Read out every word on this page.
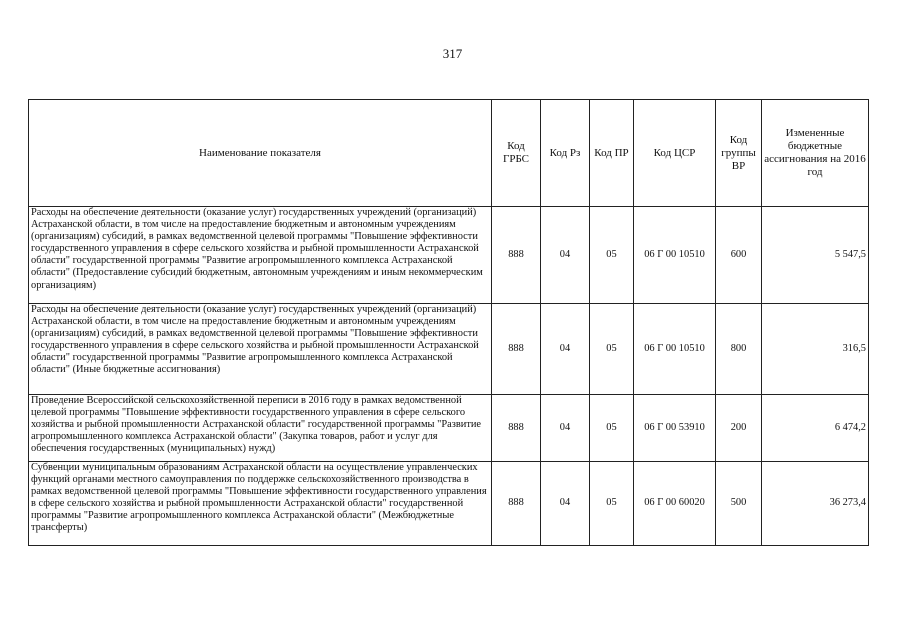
317
Наименование показателя	Код ГРБС	Код Рз	Код ПР	Код ЦСР	Код группы ВР	Измененные бюджетные ассигнования на 2016 год
Расходы на обеспечение деятельности (оказание услуг) государственных учреждений (организаций) Астраханской области, в том числе на предоставление бюджетным и автономным учреждениям (организациям) субсидий, в рамках ведомственной целевой программы "Повышение эффективности государственного управления в сфере сельского хозяйства и рыбной промышленности Астраханской области" государственной программы "Развитие агропромышленного комплекса Астраханской области" (Предоставление субсидий бюджетным, автономным учреждениям и иным некоммерческим организациям)	888	04	05	06 Г 00 10510	600	5 547,5
Расходы на обеспечение деятельности (оказание услуг) государственных учреждений (организаций) Астраханской области, в том числе на предоставление бюджетным и автономным учреждениям (организациям) субсидий, в рамках ведомственной целевой программы "Повышение эффективности государственного управления в сфере сельского хозяйства и рыбной промышленности Астраханской области" государственной программы "Развитие агропромышленного комплекса Астраханской области" (Иные бюджетные ассигнования)	888	04	05	06 Г 00 10510	800	316,5
Проведение Всероссийской сельскохозяйственной переписи в 2016 году в рамках ведомственной целевой программы "Повышение эффективности государственного управления в сфере сельского хозяйства и рыбной промышленности Астраханской области" государственной программы "Развитие агропромышленного комплекса Астраханской области" (Закупка товаров, работ и услуг для обеспечения государственных (муниципальных) нужд)	888	04	05	06 Г 00 53910	200	6 474,2
Субвенции муниципальным образованиям Астраханской области на осуществление управленческих функций органами местного самоуправления по поддержке сельскохозяйственного производства в рамках ведомственной целевой программы "Повышение эффективности государственного управления в сфере сельского хозяйства и рыбной промышленности Астраханской области" государственной программы "Развитие агропромышленного комплекса Астраханской области" (Межбюджетные трансферты)	888	04	05	06 Г 00 60020	500	36 273,4
